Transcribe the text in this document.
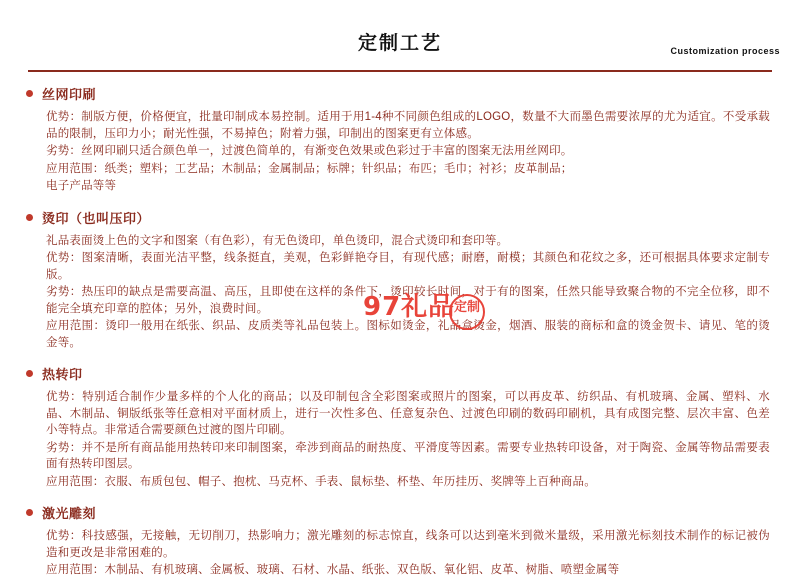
定制工艺	Customization process
丝网印刷

优势：制版方便，价格便宜，批量印制成本易控制。适用于用1-4种不同颜色组成的LOGO，数量不大而墨色需要浓厚的尤为适宜。不受承载品的限制，压印力小；耐光性强，不易掉色；附着力强，印制出的图案更有立体感。

劣势：丝网印刷只适合颜色单一，过渡色简单的，有渐变色效果或色彩过于丰富的图案无法用丝网印。

应用范围：纸类；塑料；工艺品；木制品；金属制品；标牌；针织品；布匹；毛巾；衬衫；皮革制品；

电子产品等等

烫印（也叫压印）

礼品表面烫上色的文字和图案（有色彩），有无色烫印，单色烫印，混合式烫印和套印等。

优势：图案清晰，表面光洁平整，线条挺直，美观，色彩鲜艳夺目，有现代感；耐磨，耐模；其颜色和花纹之多，还可根据具体要求定制专版。

劣势：热压印的缺点是需要高温、高压，且即使在这样的条件下，烫印较长时间，对于有的图案，任然只能导致聚合物的不完全位移，即不能完全填充印章的腔体；另外，浪费时间。

应用范围：烫印一般用在纸张、织品、皮质类等礼品包装上。图标如烫金，礼品盒烫金，烟酒、服装的商标和盒的烫金贺卡、请见、笔的烫金等。

热转印

优势：特别适合制作少量多样的个人化的商品；以及印制包含全彩图案或照片的图案，可以再皮革、纺织品、有机玻璃、金属、塑料、水晶、木制品、铜版纸张等任意相对平面材质上，进行一次性多色、任意复杂色、过渡色印刷的数码印刷机，具有成图完整、层次丰富、色差小等特点。非常适合需要颜色过渡的图片印刷。

劣势：并不是所有商品能用热转印来印制图案，牵涉到商品的耐热度、平滑度等因素。需要专业热转印设备，对于陶瓷、金属等物品需要表面有热转印图层。

应用范围：衣服、布质包包、帽子、抱枕、马克杯、手表、鼠标垫、杯垫、年历挂历、奖牌等上百种商品。

激光雕刻

优势：科技感强，无接触，无切削刀，热影响力；激光雕刻的标志惊直，线条可以达到毫米到微米量级，采用激光标刻技术制作的标记被伪造和更改是非常困难的。

应用范围：木制品、有机玻璃、金属板、玻璃、石材、水晶、纸张、双色版、氧化铝、皮革、树脂、喷塑金属等

97礼品
定制
